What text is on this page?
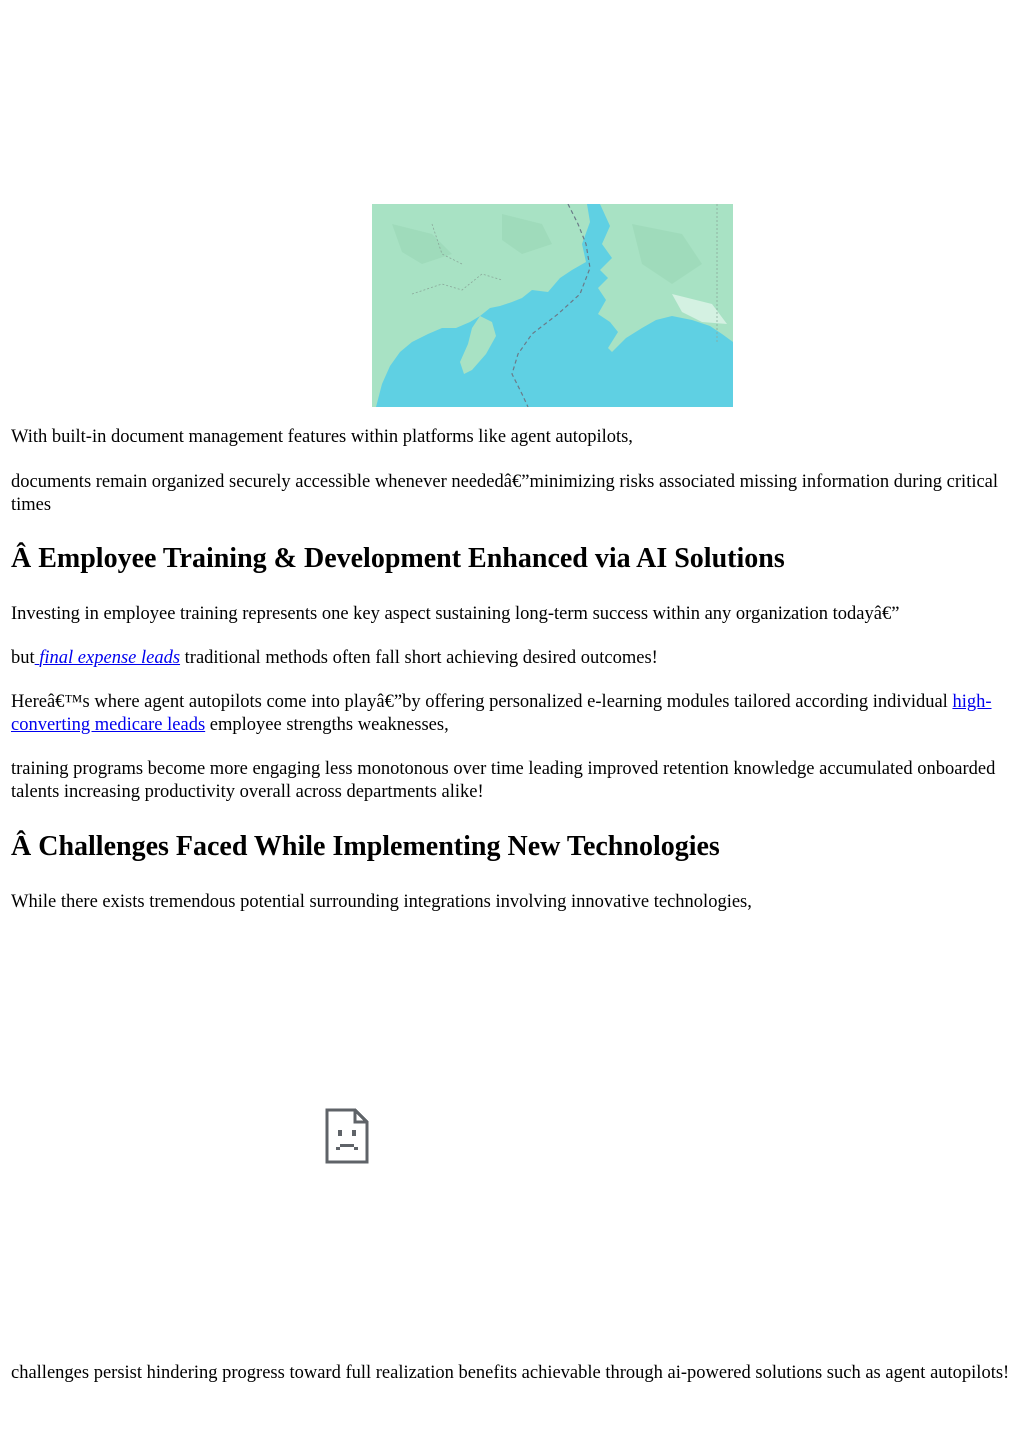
With built-in document management features within platforms like agent autopilots,

documents remain organized securely accessible whenever neededâ€”minimizing risks associated missing information during critical times

Â Employee Training & Development Enhanced via AI Solutions

Investing in employee training represents one key aspect sustaining long-term success within any organization todayâ€”

but final expense leads traditional methods often fall short achieving desired outcomes!

Hereâ€™s where agent autopilots come into playâ€”by offering personalized e-learning modules tailored according individual high-converting medicare leads employee strengths weaknesses,

training programs become more engaging less monotonous over time leading improved retention knowledge accumulated onboarded talents increasing productivity overall across departments alike!

Â Challenges Faced While Implementing New Technologies

While there exists tremendous potential surrounding integrations involving innovative technologies,

challenges persist hindering progress toward full realization benefits achievable through ai-powered solutions such as agent autopilots!
